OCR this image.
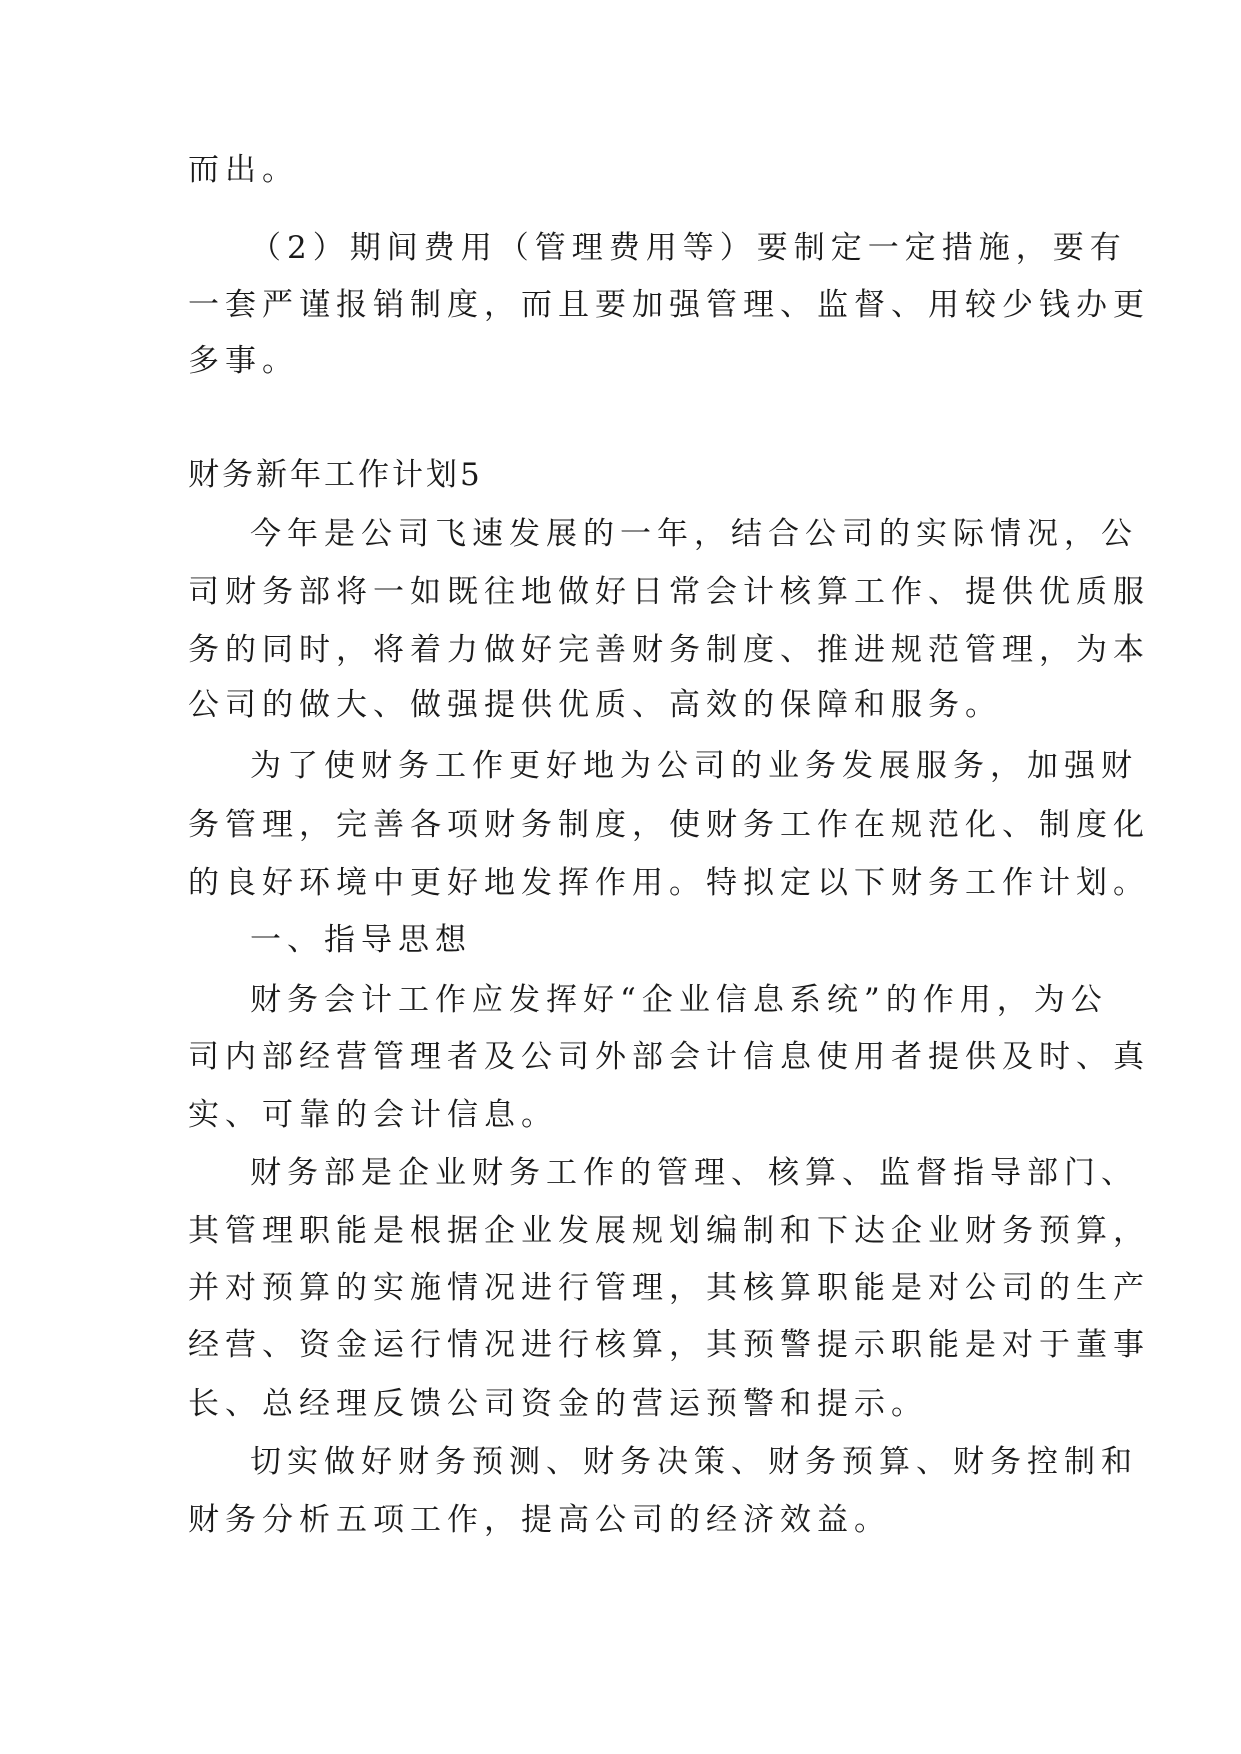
而出。
（2）期间费用（管理费用等）要制定一定措施，要有
一套严谨报销制度，而且要加强管理、监督、用较少钱办更
多事。
财务新年工作计划5
今年是公司飞速发展的一年，结合公司的实际情况，公
司财务部将一如既往地做好日常会计核算工作、提供优质服
务的同时，将着力做好完善财务制度、推进规范管理，为本
公司的做大、做强提供优质、高效的保障和服务。
为了使财务工作更好地为公司的业务发展服务，加强财
务管理，完善各项财务制度，使财务工作在规范化、制度化
的良好环境中更好地发挥作用。特拟定以下财务工作计划。
一、指导思想
财务会计工作应发挥好“企业信息系统”的作用，为公
司内部经营管理者及公司外部会计信息使用者提供及时、真
实、可靠的会计信息。
财务部是企业财务工作的管理、核算、监督指导部门、
其管理职能是根据企业发展规划编制和下达企业财务预算，
并对预算的实施情况进行管理，其核算职能是对公司的生产
经营、资金运行情况进行核算，其预警提示职能是对于董事
长、总经理反馈公司资金的营运预警和提示。
切实做好财务预测、财务决策、财务预算、财务控制和
财务分析五项工作，提高公司的经济效益。
